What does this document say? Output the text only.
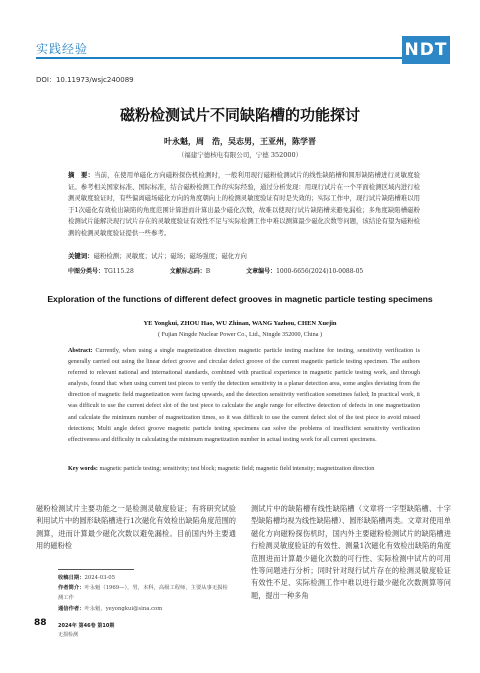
实践经验	NDT
DOI：10.11973/wsjc240089
磁粉检测试片不同缺陷槽的功能探讨
叶永魁，周　浩，吴志男，王亚州，陈学晋
（福建宁德核电有限公司，宁德 352000）
摘　要：当前，在使用单磁化方向磁粉探伤机检测时，一般利用现行磁粉检测试片的线性缺陷槽和圆形缺陷槽进行灵敏度验证。参考相关国家标准、国际标准，结合磁粉检测工作的实际经验，通过分析发现：用现行试片在一个平面检测区域内进行检测灵敏度验证时，有些偏离磁场磁化方向的角度朝向上的检测灵敏度验证有时是失效的；实际工作中，现行试片缺陷槽难以用于1次磁化有效检出缺陷的角度范围计算进而计算出最少磁化次数，故难以使现行试片缺陷槽来避免漏检；多角度缺陷槽磁粉检测试片能解决现行试片存在的灵敏度验证有效性不足与实际检测工作中难以测算最少磁化次数等问题，该结论有望为磁粉检测的检测灵敏度验证提供一些参考。
关键词：磁粉检测；灵敏度；试片；磁场；磁场强度；磁化方向
中图分类号：TG115.28	文献标志码：B	文章编号：1000-6656(2024)10-0088-05
Exploration of the functions of different defect grooves in magnetic particle testing specimens
YE Yongkui, ZHOU Hao, WU Zhinan, WANG Yazhou, CHEN Xuejin
( Fujian Ningde Nuclear Power Co., Ltd., Ningde 352000, China )
Abstract: Currently, when using a single magnetization direction magnetic particle testing machine for testing, sensitivity verification is generally carried out using the linear defect groove and circular defect groove of the current magnetic particle testing specimen. The authors referred to relevant national and international standards, combined with practical experience in magnetic particle testing work, and through analysis, found that: when using current test pieces to verify the detection sensitivity in a planar detection area, some angles deviating from the direction of magnetic field magnetization were facing upwards, and the detection sensitivity verification sometimes failed; In practical work, it was difficult to use the current defect slot of the test piece to calculate the angle range for effective detection of defects in one magnetization and calculate the minimum number of magnetization times, so it was difficult to use the current defect slot of the test piece to avoid missed detections; Multi angle defect groove magnetic particle testing specimens can solve the problems of insufficient sensitivity verification effectiveness and difficulty in calculating the minimum magnetization number in actual testing work for all current specimens.
Key words: magnetic particle testing; sensitivity; test block; magnetic field; magnetic field intensity; magnetization direction
磁粉检测试片主要功能之一是检测灵敏度验证；有将研究试验利用试片中的圆形缺陷槽进行1次磁化有效检出缺陷角度范围的测算，进而计算最少磁化次数以避免漏检。目前国内外主要通用的磁粉检
测试片中的缺陷槽有线性缺陷槽（文章将一字型缺陷槽、十字型缺陷槽均视为线性缺陷槽）、圆形缺陷槽两类。文章对使用单磁化方向磁粉探伤机时，国内外主要磁粉检测试片的缺陷槽进行检测灵敏度验证的有效性、测量1次磁化有效检出缺陷的角度范围进而计算最少磁化次数的可行性、实际检测中试片的可用性等问题进行分析；同时针对现行试片存在的检测灵敏度验证有效性不足、实际检测工作中难以进行最少磁化次数测算等问题，提出一种多角
收稿日期：2024-03-05
作者简介：叶永魁（1969—），男，本科，高级工程师，主要从事无损检测工作
通信作者：叶永魁，yeyongkui@sina.com
88 2024年 第46卷 第10期
无损检测
